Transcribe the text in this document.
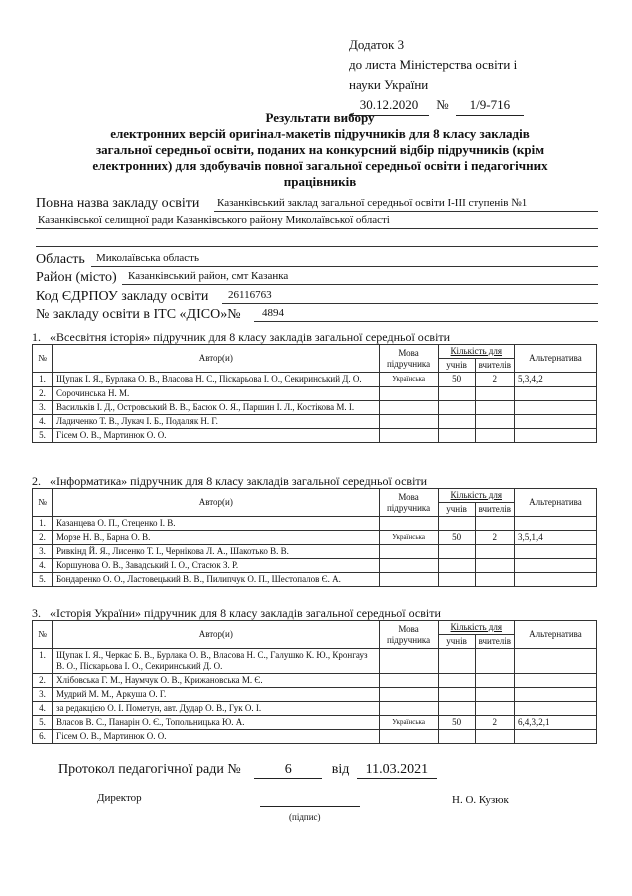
Додаток 3
до листа Міністерства освіти і
науки України
30.12.2020 № 1/9-716
Результати вибору
електронних версій оригінал-макетів підручників для 8 класу закладів
загальної середньої освіти, поданих на конкурсний відбір підручників (крім
електронних) для здобувачів повної загальної середньої освіти і педагогічних
працівників
Повна назва закладу освіти Казанківський заклад загальної середньої освіти І-ІІІ ступенів №1
Казанківської селищної ради Казанківського району Миколаївської області
Область Миколаївська область
Район (місто) Казанківський район, смт Казанка
Код ЄДРПОУ закладу освіти 26116763
№ закладу освіти в ІТС «ДІСО»№ 4894
1. «Всесвітня історія» підручник для 8 класу закладів загальної середньої освіти
№	Автор(и)	Мова підручника	Кількість для		Альтернатива
			учнів	вчителів	
1.	Щупак І. Я., Бурлака О. В., Власова Н. С., Піскарьова І. О., Секиринський Д. О.	Українська	50	2	5,3,4,2
2.	Сорочинська Н. М.				
3.	Васильків І. Д., Островський В. В., Басюк О. Я., Паршин І. Л., Костікова М. І.				
4.	Ладиченко Т. В., Лукач І. Б., Подаляк Н. Г.				
5.	Гісем О. В., Мартинюк О. О.				
2. «Інформатика» підручник для 8 класу закладів загальної середньої освіти
№	Автор(и)	Мова підручника	Кількість для		Альтернатива
			учнів	вчителів	
1.	Казанцева О. П., Стеценко І. В.				
2.	Морзе Н. В., Барна О. В.	Українська	50	2	3,5,1,4
3.	Ривкінд Й. Я., Лисенко Т. І., Чернікова Л. А., Шакотько В. В.				
4.	Коршунова О. В., Завадський І. О., Стасюк З. Р.				
5.	Бондаренко О. О., Ластовецький В. В., Пилипчук О. П., Шестопалов Є. А.				
3. «Історія України» підручник для 8 класу закладів загальної середньої освіти
№	Автор(и)	Мова підручника	Кількість для		Альтернатива
			учнів	вчителів	
1.	Щупак І. Я., Черкас Б. В., Бурлака О. В., Власова Н. С., Галушко К. Ю., Кронгауз В. О., Піскарьова І. О., Секиринський Д. О.				
2.	Хлібовська Г. М., Наумчук О. В., Крижановська М. Є.				
3.	Мудрий М. М., Аркуша О. Г.				
4.	за редакцією О. І. Пометун, авт. Дудар О. В., Гук О. І.				
5.	Власов В. С., Панарін О. Є., Топольницька Ю. А.	Українська	50	2	6,4,3,2,1
6.	Гісем О. В., Мартинюк О. О.				
Протокол педагогічної ради №	6	від 11.03.2021
Директор
(підпис)
Н. О. Кузюк
